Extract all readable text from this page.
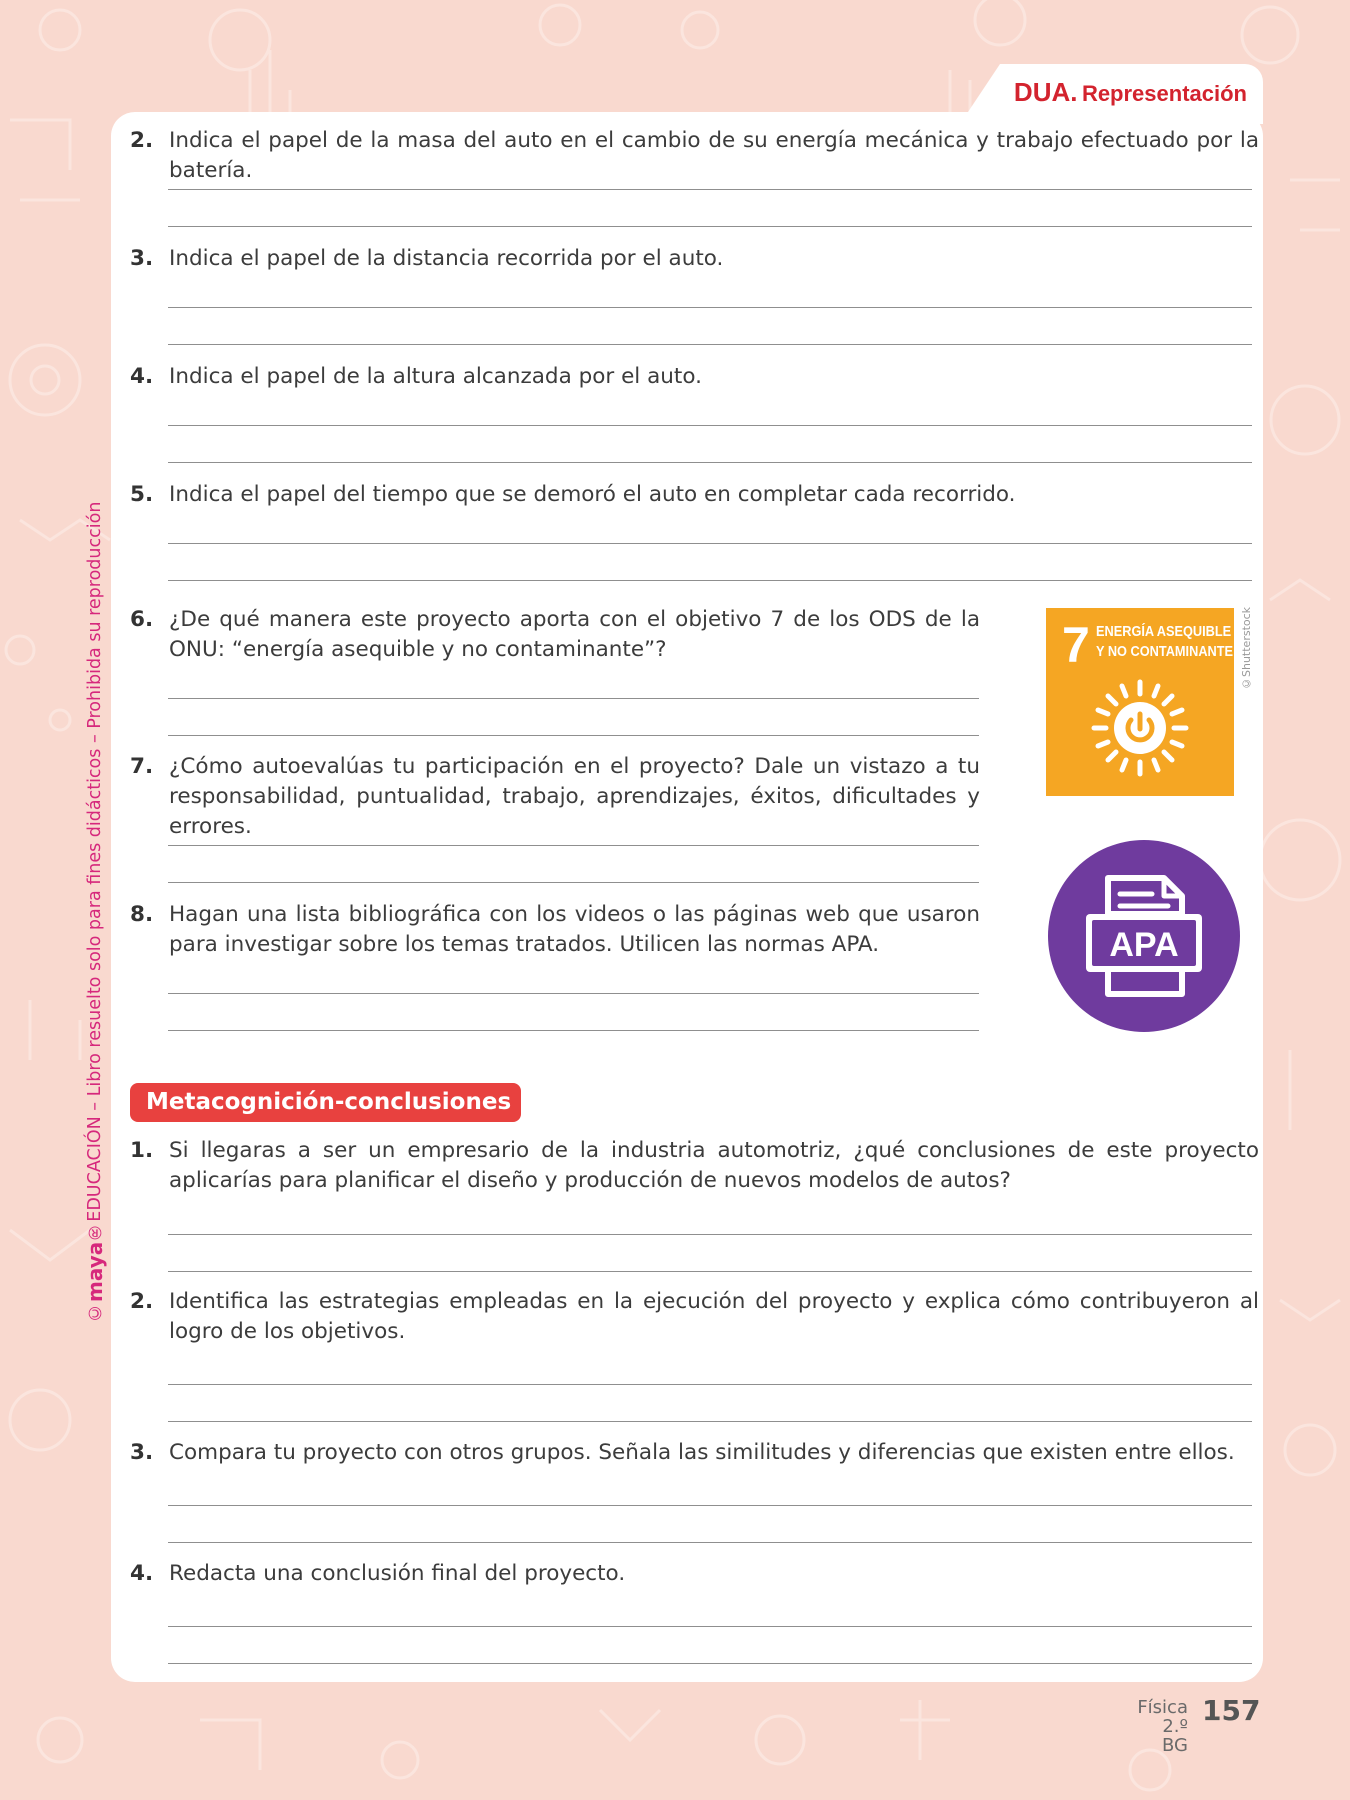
DUA. Representación
2. Indica el papel de la masa del auto en el cambio de su energía mecánica y trabajo efectuado por la batería.
3. Indica el papel de la distancia recorrida por el auto.
4. Indica el papel de la altura alcanzada por el auto.
5. Indica el papel del tiempo que se demoró el auto en completar cada recorrido.
6. ¿De qué manera este proyecto aporta con el objetivo 7 de los ODS de la ONU: “energía asequible y no contaminante”?
7. ¿Cómo autoevalúas tu participación en el proyecto? Dale un vistazo a tu responsabilidad, puntualidad, trabajo, aprendizajes, éxitos, dificultades y errores.
8. Hagan una lista bibliográfica con los videos o las páginas web que usaron para investigar sobre los temas tratados. Utilicen las normas APA.
7 ENERGÍA ASEQUIBLE
Y NO CONTAMINANTE ©Shutterstock
APA
Metacognición-conclusiones
1. Si llegaras a ser un empresario de la industria automotriz, ¿qué conclusiones de este proyecto aplicarías para planificar el diseño y producción de nuevos modelos de autos?
2. Identifica las estrategias empleadas en la ejecución del proyecto y explica cómo contribuyeron al logro de los objetivos.
3. Compara tu proyecto con otros grupos. Señala las similitudes y diferencias que existen entre ellos.
4. Redacta una conclusión final del proyecto.
©maya®EDUCACIÓN – Libro resuelto solo para fines didácticos – Prohibida su reproducción
Física
2.º BG
157
